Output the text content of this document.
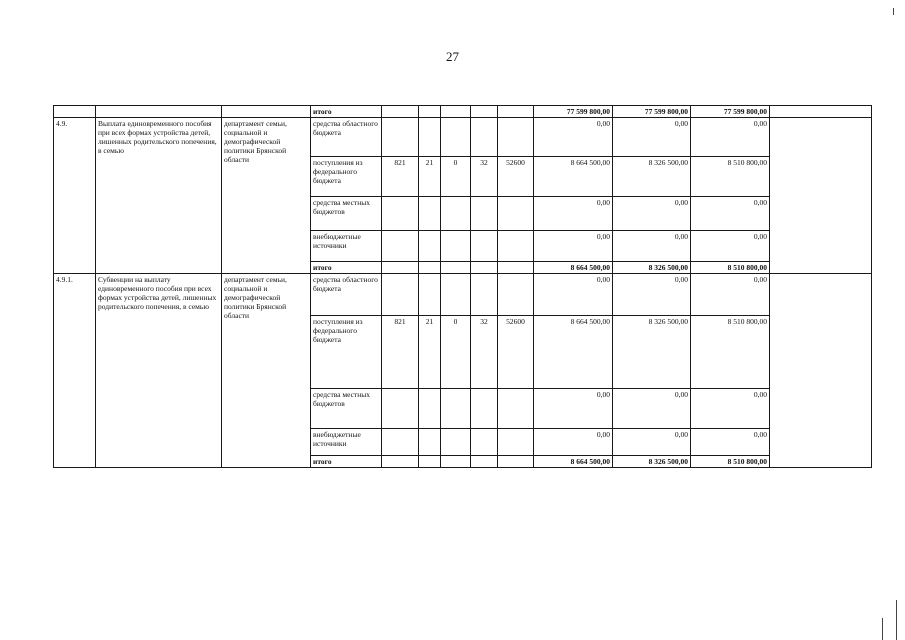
27
			итого						77 599 800,00	77 599 800,00	77 599 800,00	
4.9.	Выплата единовременного пособия при всех формах устройства детей, лишенных родительского попечения, в семью	департамент семьи, социальной и демографической политики Брянской области	средства областного бюджета						0,00	0,00	0,00	
			поступления из федерального бюджета	821	21	0	32	52600	8 664 500,00	8 326 500,00	8 510 800,00	
			средства местных бюджетов						0,00	0,00	0,00	
			внебюджетные источники						0,00	0,00	0,00	
			итого						8 664 500,00	8 326 500,00	8 510 800,00	
4.9.1.	Субвенции на выплату единовременного пособия при всех формах устройства детей, лишенных родительского попечения, в семью	департамент семьи, социальной и демографической политики Брянской области	средства областного бюджета						0,00	0,00	0,00	
			поступления из федерального бюджета	821	21	0	32	52600	8 664 500,00	8 326 500,00	8 510 800,00	
			средства местных бюджетов						0,00	0,00	0,00	
			внебюджетные источники						0,00	0,00	0,00	
			итого						8 664 500,00	8 326 500,00	8 510 800,00	
